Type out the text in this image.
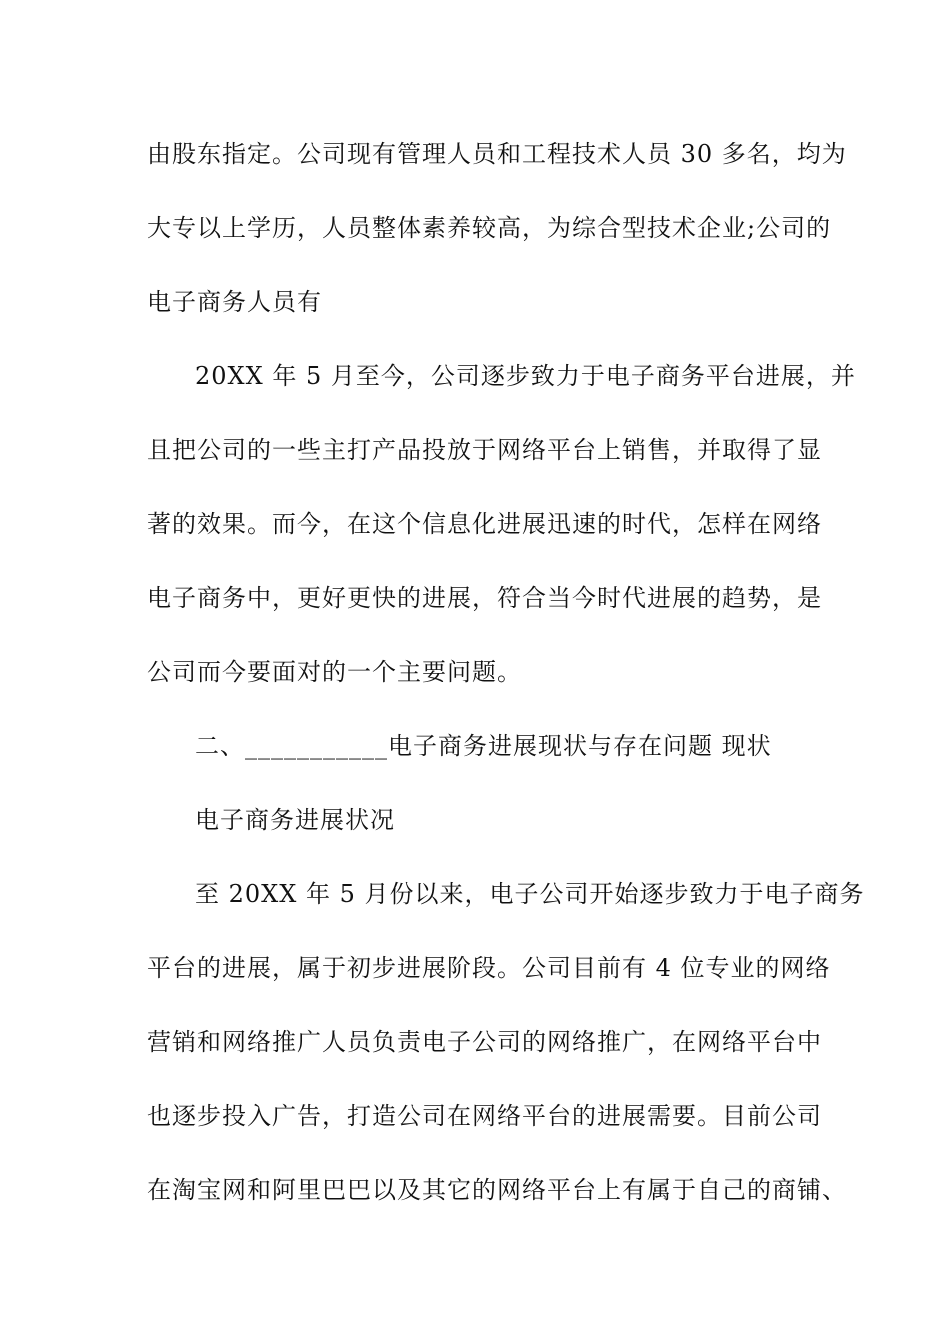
由股东指定。公司现有管理人员和工程技术人员 30 多名，均为
大专以上学历，人员整体素养较高，为综合型技术企业;公司的
电子商务人员有
20XX 年 5 月至今，公司逐步致力于电子商务平台进展，并
且把公司的一些主打产品投放于网络平台上销售，并取得了显
著的效果。而今，在这个信息化进展迅速的时代，怎样在网络
电子商务中，更好更快的进展，符合当今时代进展的趋势，是
公司而今要面对的一个主要问题。
二、___________电子商务进展现状与存在问题 现状
电子商务进展状况
至 20XX 年 5 月份以来，电子公司开始逐步致力于电子商务
平台的进展，属于初步进展阶段。公司目前有 4 位专业的网络
营销和网络推广人员负责电子公司的网络推广，在网络平台中
也逐步投入广告，打造公司在网络平台的进展需要。目前公司
在淘宝网和阿里巴巴以及其它的网络平台上有属于自己的商铺、
